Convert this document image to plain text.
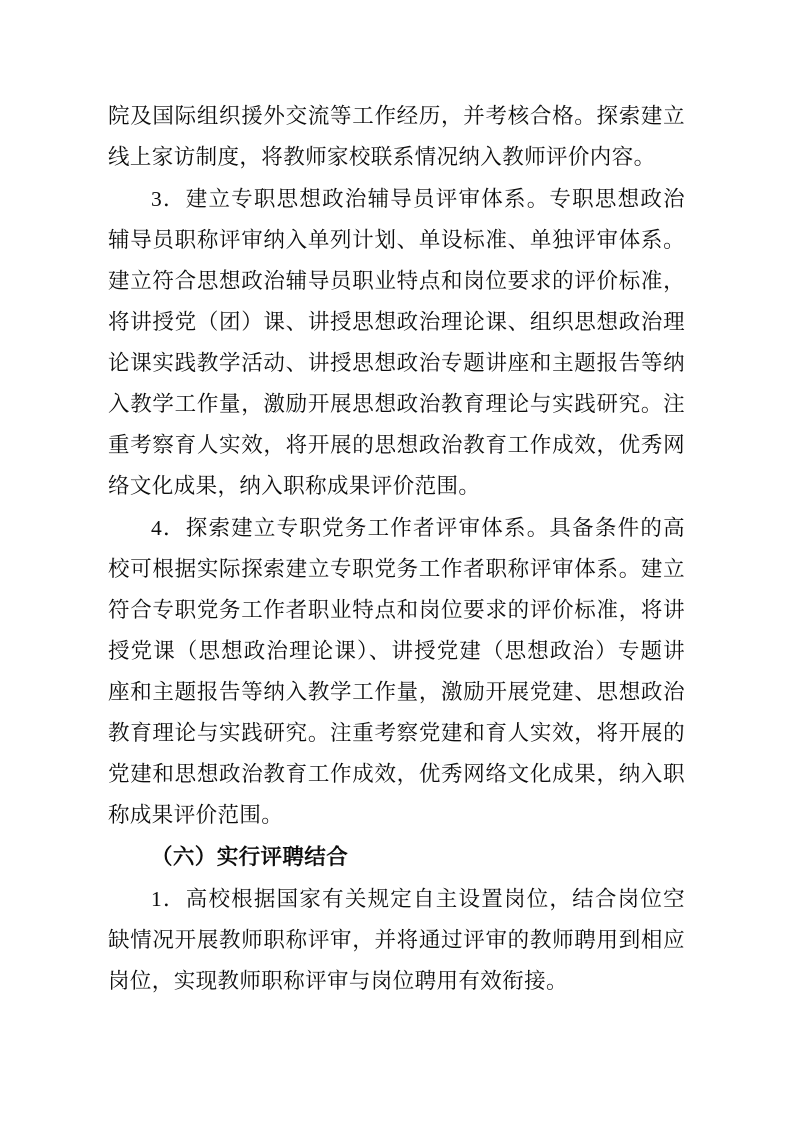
院及国际组织援外交流等工作经历，并考核合格。探索建立线上家访制度，将教师家校联系情况纳入教师评价内容。

3．建立专职思想政治辅导员评审体系。专职思想政治辅导员职称评审纳入单列计划、单设标准、单独评审体系。建立符合思想政治辅导员职业特点和岗位要求的评价标准，将讲授党（团）课、讲授思想政治理论课、组织思想政治理论课实践教学活动、讲授思想政治专题讲座和主题报告等纳入教学工作量，激励开展思想政治教育理论与实践研究。注重考察育人实效，将开展的思想政治教育工作成效，优秀网络文化成果，纳入职称成果评价范围。

4．探索建立专职党务工作者评审体系。具备条件的高校可根据实际探索建立专职党务工作者职称评审体系。建立符合专职党务工作者职业特点和岗位要求的评价标准，将讲授党课（思想政治理论课）、讲授党建（思想政治）专题讲座和主题报告等纳入教学工作量，激励开展党建、思想政治教育理论与实践研究。注重考察党建和育人实效，将开展的党建和思想政治教育工作成效，优秀网络文化成果，纳入职称成果评价范围。

（六）实行评聘结合

1．高校根据国家有关规定自主设置岗位，结合岗位空缺情况开展教师职称评审，并将通过评审的教师聘用到相应岗位，实现教师职称评审与岗位聘用有效衔接。
